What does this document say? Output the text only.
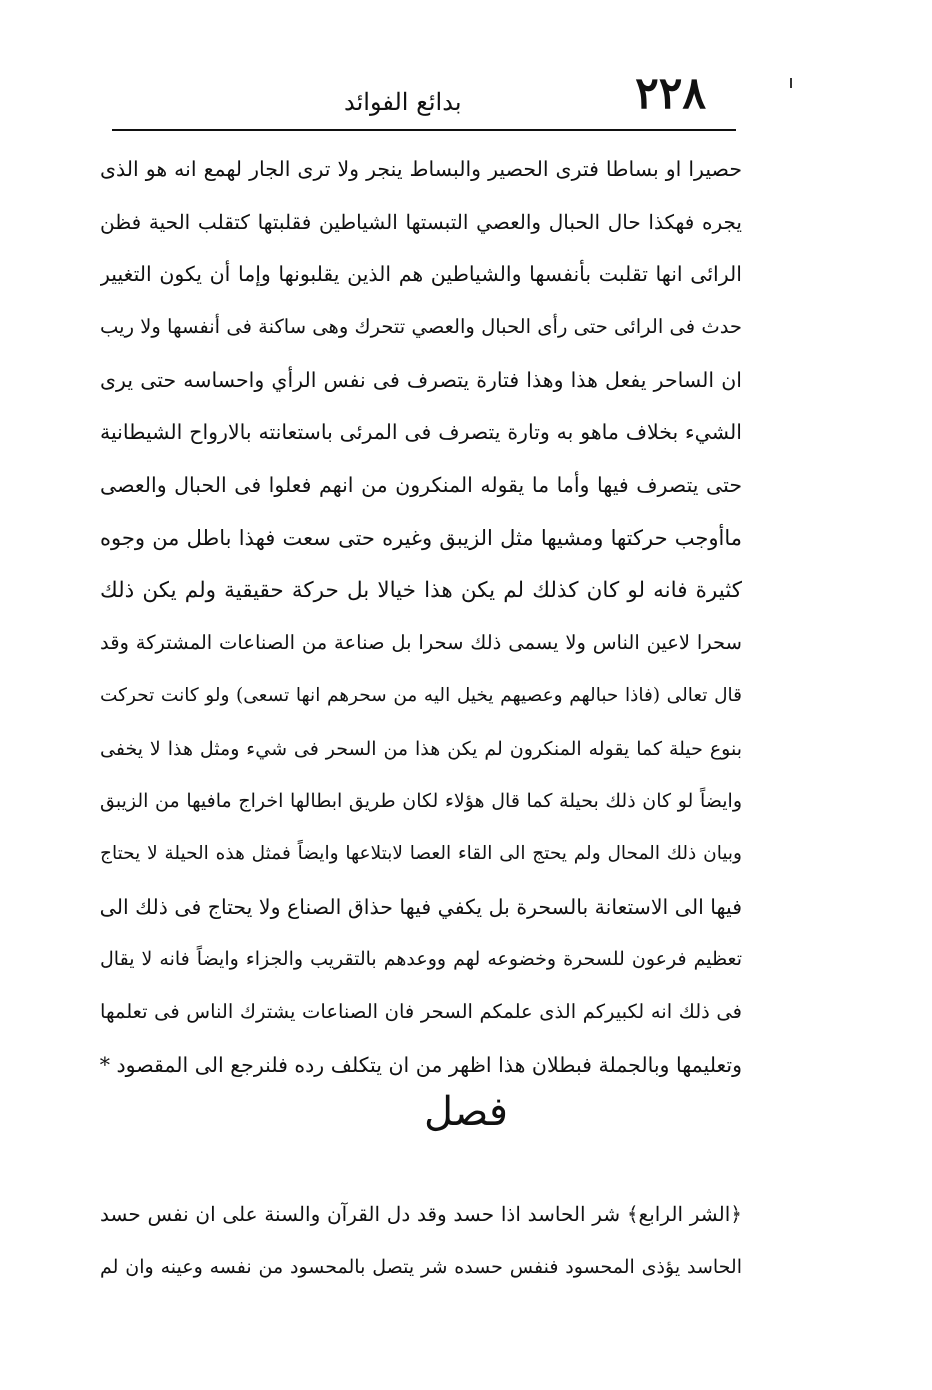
٢٢٨
بدائع الفوائد
حصيرا او بساطا فترى الحصير والبساط ينجر ولا ترى الجار لهمع انه هو الذى
يجره فهكذا حال الحبال والعصي التبستها الشياطين فقلبتها كتقلب الحية فظن
الرائى انها تقلبت بأنفسها والشياطين هم الذين يقلبونها وإما أن يكون التغيير
حدث فى الرائى حتى رأى الحبال والعصي تتحرك وهى ساكنة فى أنفسها ولا ريب
ان الساحر يفعل هذا وهذا فتارة يتصرف فى نفس الرأي واحساسه حتى يرى
الشيء بخلاف ماهو به وتارة يتصرف فى المرئى باستعانته بالارواح الشيطانية
حتى يتصرف فيها وأما ما يقوله المنكرون من انهم فعلوا فى الحبال والعصى
ماأوجب حركتها ومشيها مثل الزيبق وغيره حتى سعت فهذا باطل من وجوه
كثيرة فانه لو كان كذلك لم يكن هذا خيالا بل حركة حقيقية ولم يكن ذلك
سحرا لاعين الناس ولا يسمى ذلك سحرا بل صناعة من الصناعات المشتركة وقد
قال تعالى (فاذا حبالهم وعصيهم يخيل اليه من سحرهم انها تسعى) ولو كانت تحركت
بنوع حيلة كما يقوله المنكرون لم يكن هذا من السحر فى شيء ومثل هذا لا يخفى
وايضاً لو كان ذلك بحيلة كما قال هؤلاء لكان طريق ابطالها اخراج مافيها من الزيبق
وبيان ذلك المحال ولم يحتج الى القاء العصا لابتلاعها وايضاً فمثل هذه الحيلة لا يحتاج
فيها الى الاستعانة بالسحرة بل يكفي فيها حذاق الصناع ولا يحتاج فى ذلك الى
تعظيم فرعون للسحرة وخضوعه لهم ووعدهم بالتقريب والجزاء وايضاً فانه لا يقال
فى ذلك انه لكبيركم الذى علمكم السحر فان الصناعات يشترك الناس فى تعلمها
وتعليمها وبالجملة فبطلان هذا اظهر من ان يتكلف رده فلنرجع الى المقصود *
فصل
﴿الشر الرابع﴾ شر الحاسد اذا حسد وقد دل القرآن والسنة على ان نفس حسد
الحاسد يؤذى المحسود فنفس حسده شر يتصل بالمحسود من نفسه وعينه وان لم
